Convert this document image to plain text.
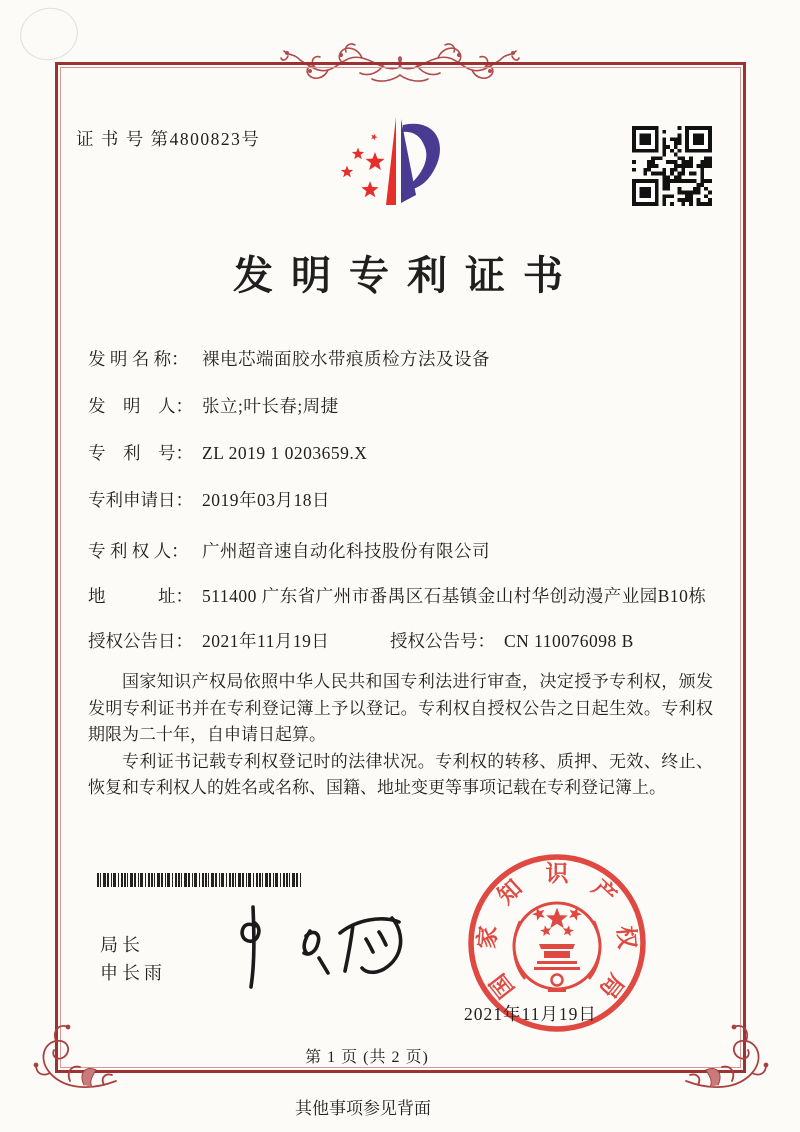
证 书 号 第4800823号
发明专利证书
发 明 名 称： 裸电芯端面胶水带痕质检方法及设备
发　明　人： 张立;叶长春;周捷
专　利　号： ZL 2019 1 0203659.X
专利申请日： 2019年03月18日
专 利 权 人： 广州超音速自动化科技股份有限公司
地　　　址： 511400 广东省广州市番禺区石基镇金山村华创动漫产业园B10栋
授权公告日： 2021年11月19日	授权公告号： CN 110076098 B

国家知识产权局依照中华人民共和国专利法进行审查，决定授予专利权，颁发发明专利证书并在专利登记簿上予以登记。专利权自授权公告之日起生效。专利权期限为二十年，自申请日起算。

专利证书记载专利权登记时的法律状况。专利权的转移、质押、无效、终止、恢复和专利权人的姓名或名称、国籍、地址变更等事项记载在专利登记簿上。

局长
申长雨	国
家
知
识
产
权
局
2021年11月19日
第 1 页 (共 2 页)
其他事项参见背面
